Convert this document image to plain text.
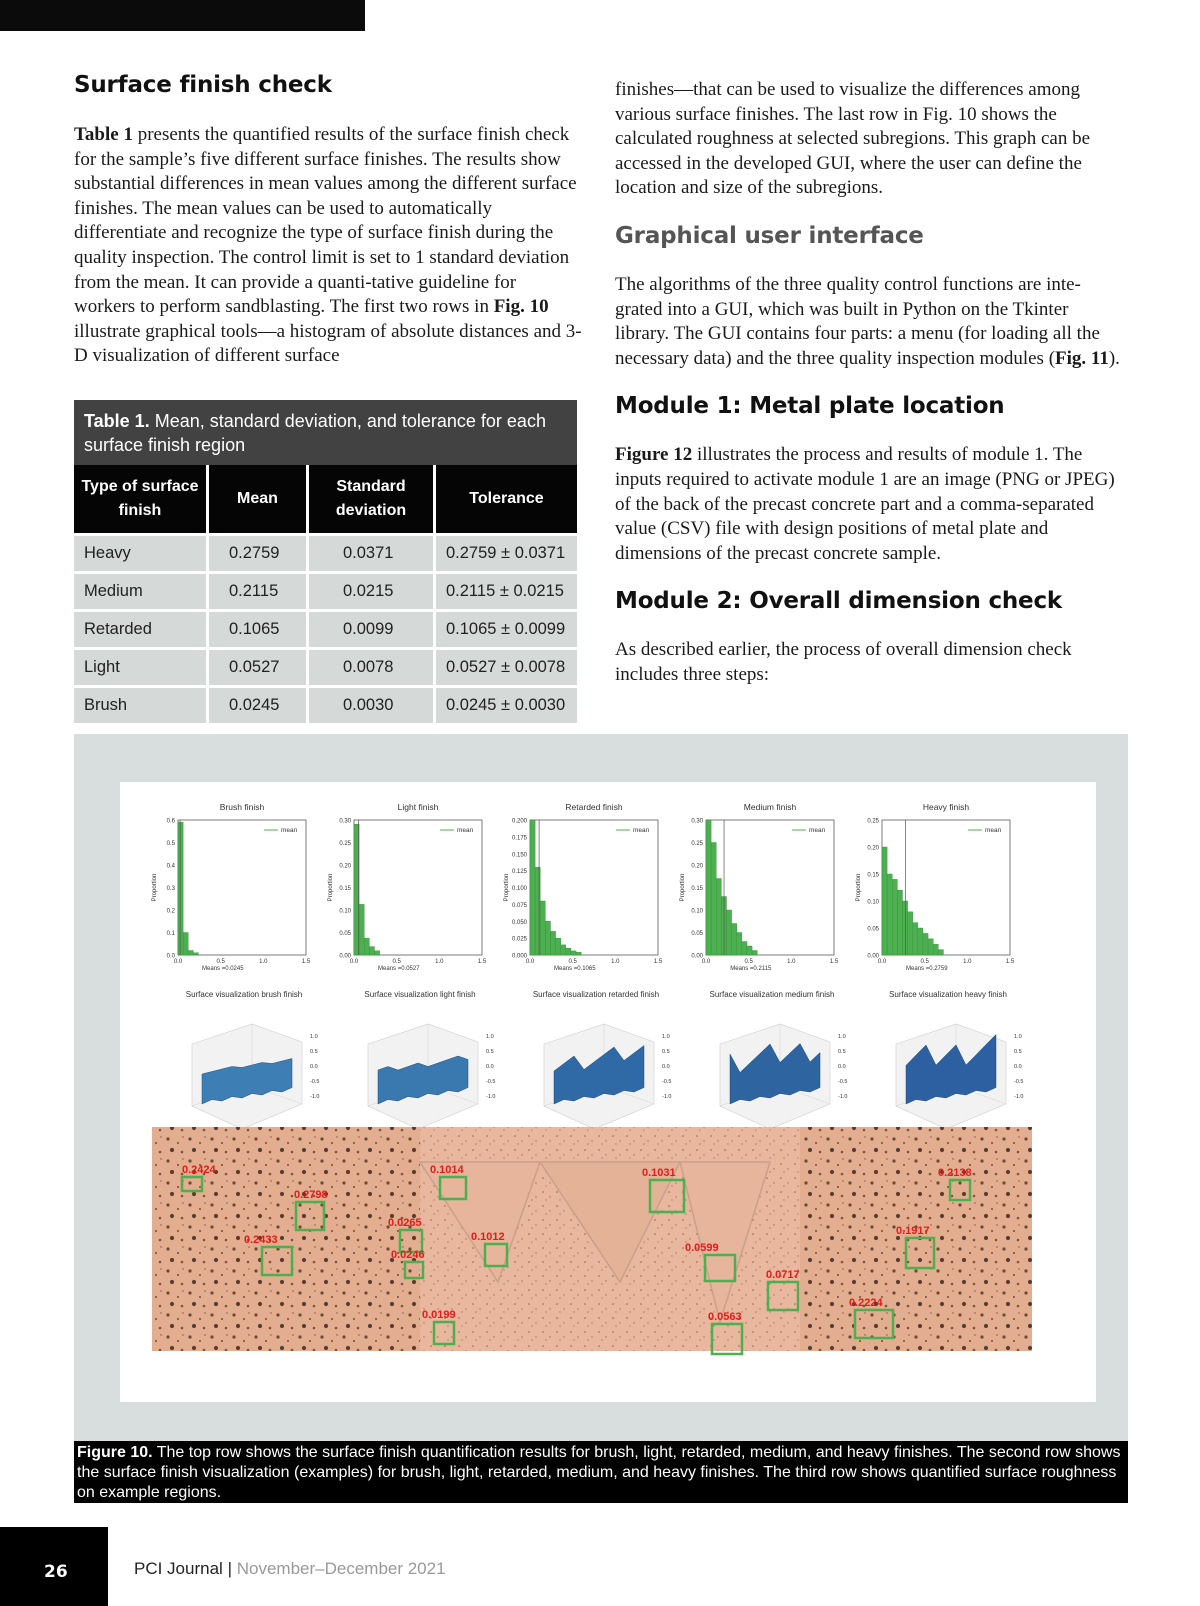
Surface finish check

Table 1 presents the quantified results of the surface finish check for the sample’s five different surface finishes. The results show substantial differences in mean values among the different surface finishes. The mean values can be used to automatically differentiate and recognize the type of surface finish during the quality inspection. The control limit is set to 1 standard deviation from the mean. It can provide a quanti-tative guideline for workers to perform sandblasting. The first two rows in Fig. 10 illustrate graphical tools—a histogram of absolute distances and 3-D visualization of different surface

Table 1. Mean, standard deviation, and tolerance for each surface finish region
Type of surface finish	Mean	Standard deviation	Tolerance
Heavy	0.2759	0.0371	0.2759 ± 0.0371
Medium	0.2115	0.0215	0.2115 ± 0.0215
Retarded	0.1065	0.0099	0.1065 ± 0.0099
Light	0.0527	0.0078	0.0527 ± 0.0078
Brush	0.0245	0.0030	0.0245 ± 0.0030

finishes—that can be used to visualize the differences among various surface finishes. The last row in Fig. 10 shows the calculated roughness at selected subregions. This graph can be accessed in the developed GUI, where the user can define the location and size of the subregions.

Graphical user interface

The algorithms of the three quality control functions are inte-grated into a GUI, which was built in Python on the Tkinter library. The GUI contains four parts: a menu (for loading all the necessary data) and the three quality inspection modules (Fig. 11).

Module 1: Metal plate location

Figure 12 illustrates the process and results of module 1. The inputs required to activate module 1 are an image (PNG or JPEG) of the back of the precast concrete part and a comma-separated value (CSV) file with design positions of metal plate and dimensions of the precast concrete sample.

Module 2: Overall dimension check

As described earlier, the process of overall dimension check includes three steps:

Brush finish
mean
0.6
0.5
0.4
0.3
0.2
0.1
0.0
0.0	0.5	1.0	1.5
Means =0.0245
Proportion
Light finish
mean
0.30
0.25
0.20
0.15
0.10
0.05
0.00
0.0	0.5	1.0	1.5
Means =0.0527
Proportion
Retarded finish
mean
0.200
0.175
0.150
0.125
0.100
0.075
0.050
0.025
0.000
0.0	0.5	1.0	1.5
Means =0.1065
Proportion
Medium finish
mean
0.30
0.25
0.20
0.15
0.10
0.05
0.00
0.0	0.5	1.0	1.5
Means =0.2115
Proportion
Heavy finish
mean
0.25
0.20
0.15
0.10
0.05
0.00
0.0	0.5	1.0	1.5
Means =0.2759
Proportion
Surface visualization brush finish
1.0
0.5
0.0
-0.5
-1.0
Surface visualization light finish
1.0
0.5
0.0
-0.5
-1.0
Surface visualization retarded finish
1.0
0.5
0.0
-0.5
-1.0
Surface visualization medium finish
1.0
0.5
0.0
-0.5
-1.0
Surface visualization heavy finish
1.0
0.5
0.0
-0.5
-1.0
0.2424
0.2798
0.2433
0.1014
0.0265
0.0246
0.1012
0.0199
0.1031
0.0599
0.0717
0.0563
0.2138
0.1917
0.2224
Figure 10. The top row shows the surface finish quantification results for brush, light, retarded, medium, and heavy finishes. The second row shows the surface finish visualization (examples) for brush, light, retarded, medium, and heavy finishes. The third row shows quantified surface roughness on example regions.
26	PCI Journal | November–December 2021
